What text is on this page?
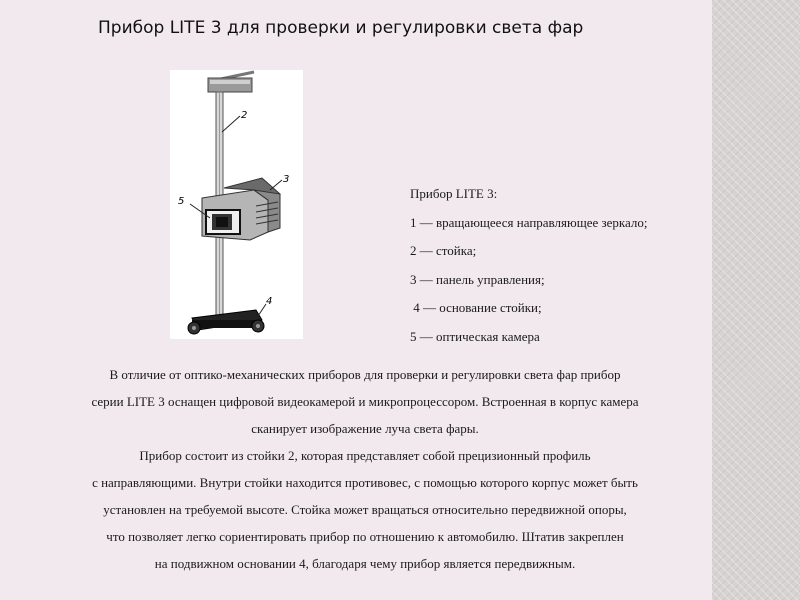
Прибор LITE 3 для проверки и регулировки света фар
2
3
5
4
Прибор LITE 3:
1 — вращающееся направляющее зеркало;
2 — стойка;
3 — панель управления;
4 — основание стойки;
5 — оптическая камера
В отличие от оптико-механических приборов для проверки и регулировки света фар прибор
серии LITE 3 оснащен цифровой видеокамерой и микропроцессором. Встроенная в корпус камера
сканирует изображение луча света фары.
Прибор состоит из стойки 2, которая представляет собой прецизионный профиль
с направляющими. Внутри стойки находится противовес, с помощью которого корпус может быть
установлен на требуемой высоте. Стойка может вращаться относительно передвижной опоры,
что позволяет легко сориентировать прибор по отношению к автомобилю. Штатив закреплен
на подвижном основании 4, благодаря чему прибор является передвижным.
